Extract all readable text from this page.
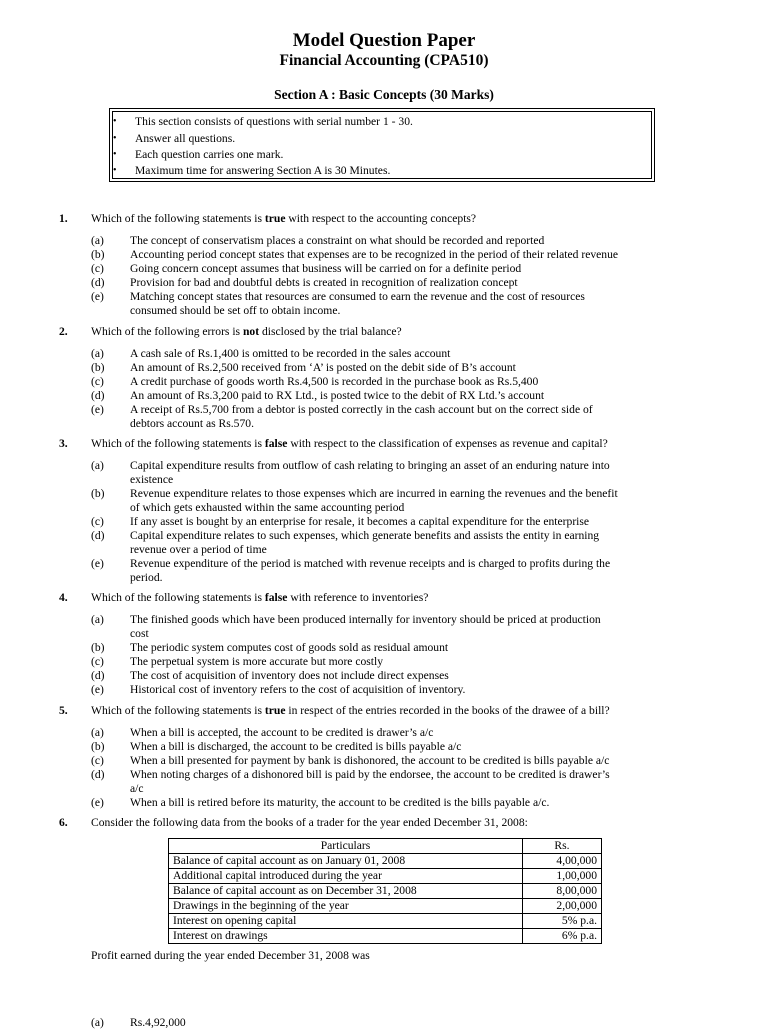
Model Question Paper
Financial Accounting (CPA510)
Section A : Basic Concepts (30 Marks)
• This section consists of questions with serial number 1 - 30.
• Answer all questions.
• Each question carries one mark.
• Maximum time for answering Section A is 30 Minutes.
1. Which of the following statements is true with respect to the accounting concepts?
(a)	The concept of conservatism places a constraint on what should be recorded and reported
(b)	Accounting period concept states that expenses are to be recognized in the period of their related revenue
(c)	Going concern concept assumes that business will be carried on for a definite period
(d)	Provision for bad and doubtful debts is created in recognition of realization concept
(e)	Matching concept states that resources are consumed to earn the revenue and the cost of resources
consumed should be set off to obtain income.
2. Which of the following errors is not disclosed by the trial balance?
(a)	A cash sale of Rs.1,400 is omitted to be recorded in the sales account
(b)	An amount of Rs.2,500 received from ‘A’ is posted on the debit side of B’s account
(c)	A credit purchase of goods worth Rs.4,500 is recorded in the purchase book as Rs.5,400
(d)	An amount of Rs.3,200 paid to RX Ltd., is posted twice to the debit of RX Ltd.’s account
(e)	A receipt of Rs.5,700 from a debtor is posted correctly in the cash account but on the correct side of
debtors account as Rs.570.
3. Which of the following statements is false with respect to the classification of expenses as revenue and capital?
(a)	Capital expenditure results from outflow of cash relating to bringing an asset of an enduring nature into
existence
(b)	Revenue expenditure relates to those expenses which are incurred in earning the revenues and the benefit
of which gets exhausted within the same accounting period
(c)	If any asset is bought by an enterprise for resale, it becomes a capital expenditure for the enterprise
(d)	Capital expenditure relates to such expenses, which generate benefits and assists the entity in earning
revenue over a period of time
(e)	Revenue expenditure of the period is matched with revenue receipts and is charged to profits during the
period.
4. Which of the following statements is false with reference to inventories?
(a)	The finished goods which have been produced internally for inventory should be priced at production
cost
(b)	The periodic system computes cost of goods sold as residual amount
(c)	The perpetual system is more accurate but more costly
(d)	The cost of acquisition of inventory does not include direct expenses
(e)	Historical cost of inventory refers to the cost of acquisition of inventory.
5. Which of the following statements is true in respect of the entries recorded in the books of the drawee of a bill?
(a)	When a bill is accepted, the account to be credited is drawer’s a/c
(b)	When a bill is discharged, the account to be credited is bills payable a/c
(c)	When a bill presented for payment by bank is dishonored, the account to be credited is bills payable a/c
(d)	When noting charges of a dishonored bill is paid by the endorsee, the account to be credited is drawer’s
a/c
(e)	When a bill is retired before its maturity, the account to be credited is the bills payable a/c.
6. Consider the following data from the books of a trader for the year ended December 31, 2008:
Particulars	Rs.
Balance of capital account as on January 01, 2008	4,00,000
Additional capital introduced during the year	1,00,000
Balance of capital account as on December 31, 2008	8,00,000
Drawings in the beginning of the year	2,00,000
Interest on opening capital	5% p.a.
Interest on drawings	6% p.a.
Profit earned during the year ended December 31, 2008 was
(a)	Rs.4,92,000
